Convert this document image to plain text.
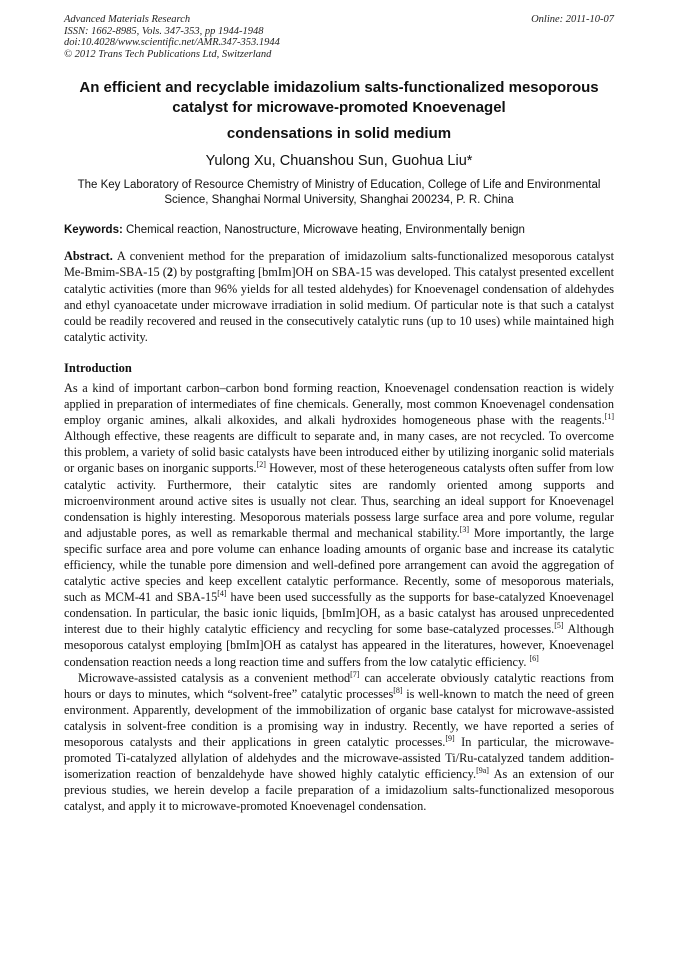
Advanced Materials Research
ISSN: 1662-8985, Vols. 347-353, pp 1944-1948
doi:10.4028/www.scientific.net/AMR.347-353.1944
© 2012 Trans Tech Publications Ltd, Switzerland
Online: 2011-10-07
An efficient and recyclable imidazolium salts-functionalized mesoporous catalyst for microwave-promoted Knoevenagel
condensations in solid medium
Yulong Xu, Chuanshou Sun, Guohua Liu*
The Key Laboratory of Resource Chemistry of Ministry of Education, College of Life and Environmental Science, Shanghai Normal University, Shanghai 200234, P. R. China
Keywords: Chemical reaction, Nanostructure, Microwave heating, Environmentally benign
Abstract. A convenient method for the preparation of imidazolium salts-functionalized mesoporous catalyst Me-Bmim-SBA-15 (2) by postgrafting [bmIm]OH on SBA-15 was developed. This catalyst presented excellent catalytic activities (more than 96% yields for all tested aldehydes) for Knoevenagel condensation of aldehydes and ethyl cyanoacetate under microwave irradiation in solid medium. Of particular note is that such a catalyst could be readily recovered and reused in the consecutively catalytic runs (up to 10 uses) while maintained high catalytic activity.
Introduction
As a kind of important carbon–carbon bond forming reaction, Knoevenagel condensation reaction is widely applied in preparation of intermediates of fine chemicals. Generally, most common Knoevenagel condensation employ organic amines, alkali alkoxides, and alkali hydroxides homogeneous phase with the reagents.[1] Although effective, these reagents are difficult to separate and, in many cases, are not recycled. To overcome this problem, a variety of solid basic catalysts have been introduced either by utilizing inorganic solid materials or organic bases on inorganic supports.[2] However, most of these heterogeneous catalysts often suffer from low catalytic activity. Furthermore, their catalytic sites are randomly oriented among supports and microenvironment around active sites is usually not clear. Thus, searching an ideal support for Knoevenagel condensation is highly interesting. Mesoporous materials possess large surface area and pore volume, regular and adjustable pores, as well as remarkable thermal and mechanical stability.[3] More importantly, the large specific surface area and pore volume can enhance loading amounts of organic base and increase its catalytic efficiency, while the tunable pore dimension and well-defined pore arrangement can avoid the aggregation of catalytic active species and keep excellent catalytic performance. Recently, some of mesoporous materials, such as MCM-41 and SBA-15[4] have been used successfully as the supports for base-catalyzed Knoevenagel condensation. In particular, the basic ionic liquids, [bmIm]OH, as a basic catalyst has aroused unprecedented interest due to their highly catalytic efficiency and recycling for some base-catalyzed processes.[5] Although mesoporous catalyst employing [bmIm]OH as catalyst has appeared in the literatures, however, Knoevenagel condensation reaction needs a long reaction time and suffers from the low catalytic efficiency. [6]
Microwave-assisted catalysis as a convenient method[7] can accelerate obviously catalytic reactions from hours or days to minutes, which “solvent-free” catalytic processes[8] is well-known to match the need of green environment. Apparently, development of the immobilization of organic base catalyst for microwave-assisted catalysis in solvent-free condition is a promising way in industry. Recently, we have reported a series of mesoporous catalysts and their applications in green catalytic processes.[9] In particular, the microwave-promoted Ti-catalyzed allylation of aldehydes and the microwave-assisted Ti/Ru-catalyzed tandem addition-isomerization reaction of benzaldehyde have showed highly catalytic efficiency.[9a] As an extension of our previous studies, we herein develop a facile preparation of a imidazolium salts-functionalized mesoporous catalyst, and apply it to microwave-promoted Knoevenagel condensation.
